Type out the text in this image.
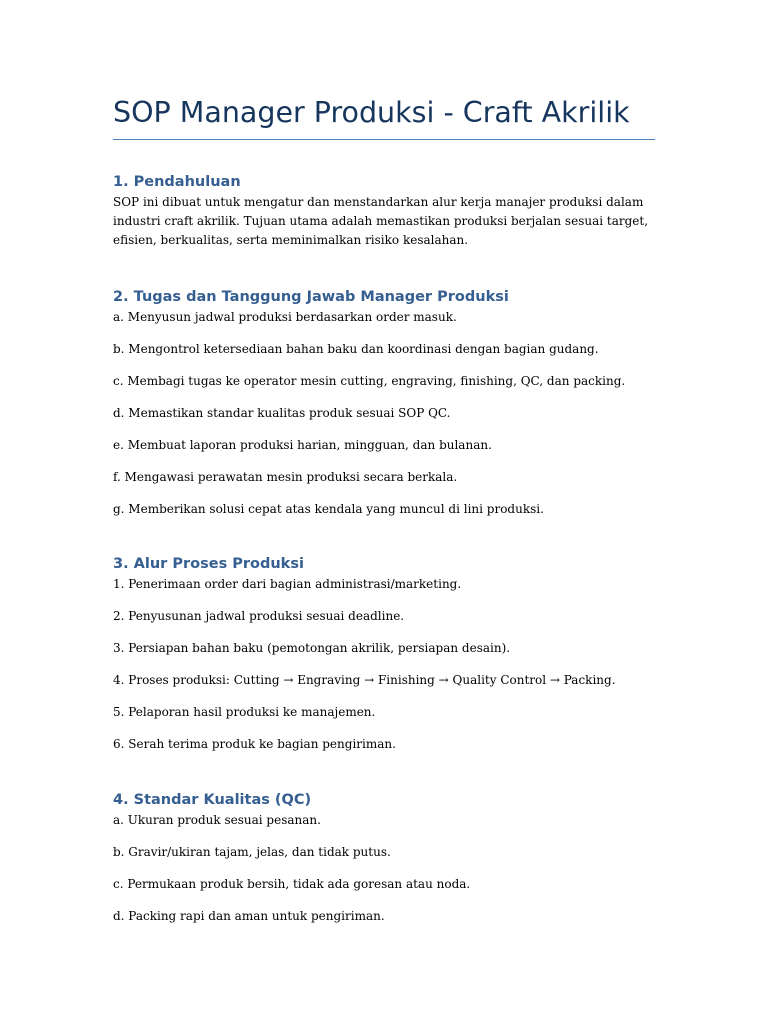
SOP Manager Produksi - Craft Akrilik
1. Pendahuluan
SOP ini dibuat untuk mengatur dan menstandarkan alur kerja manajer produksi dalam
industri craft akrilik. Tujuan utama adalah memastikan produksi berjalan sesuai target,
efisien, berkualitas, serta meminimalkan risiko kesalahan.
2. Tugas dan Tanggung Jawab Manager Produksi

a. Menyusun jadwal produksi berdasarkan order masuk.

b. Mengontrol ketersediaan bahan baku dan koordinasi dengan bagian gudang.

c. Membagi tugas ke operator mesin cutting, engraving, finishing, QC, dan packing.

d. Memastikan standar kualitas produk sesuai SOP QC.

e. Membuat laporan produksi harian, mingguan, dan bulanan.

f. Mengawasi perawatan mesin produksi secara berkala.

g. Memberikan solusi cepat atas kendala yang muncul di lini produksi.

3. Alur Proses Produksi

1. Penerimaan order dari bagian administrasi/marketing.

2. Penyusunan jadwal produksi sesuai deadline.

3. Persiapan bahan baku (pemotongan akrilik, persiapan desain).

4. Proses produksi: Cutting → Engraving → Finishing → Quality Control → Packing.

5. Pelaporan hasil produksi ke manajemen.

6. Serah terima produk ke bagian pengiriman.

4. Standar Kualitas (QC)

a. Ukuran produk sesuai pesanan.

b. Gravir/ukiran tajam, jelas, dan tidak putus.

c. Permukaan produk bersih, tidak ada goresan atau noda.

d. Packing rapi dan aman untuk pengiriman.
